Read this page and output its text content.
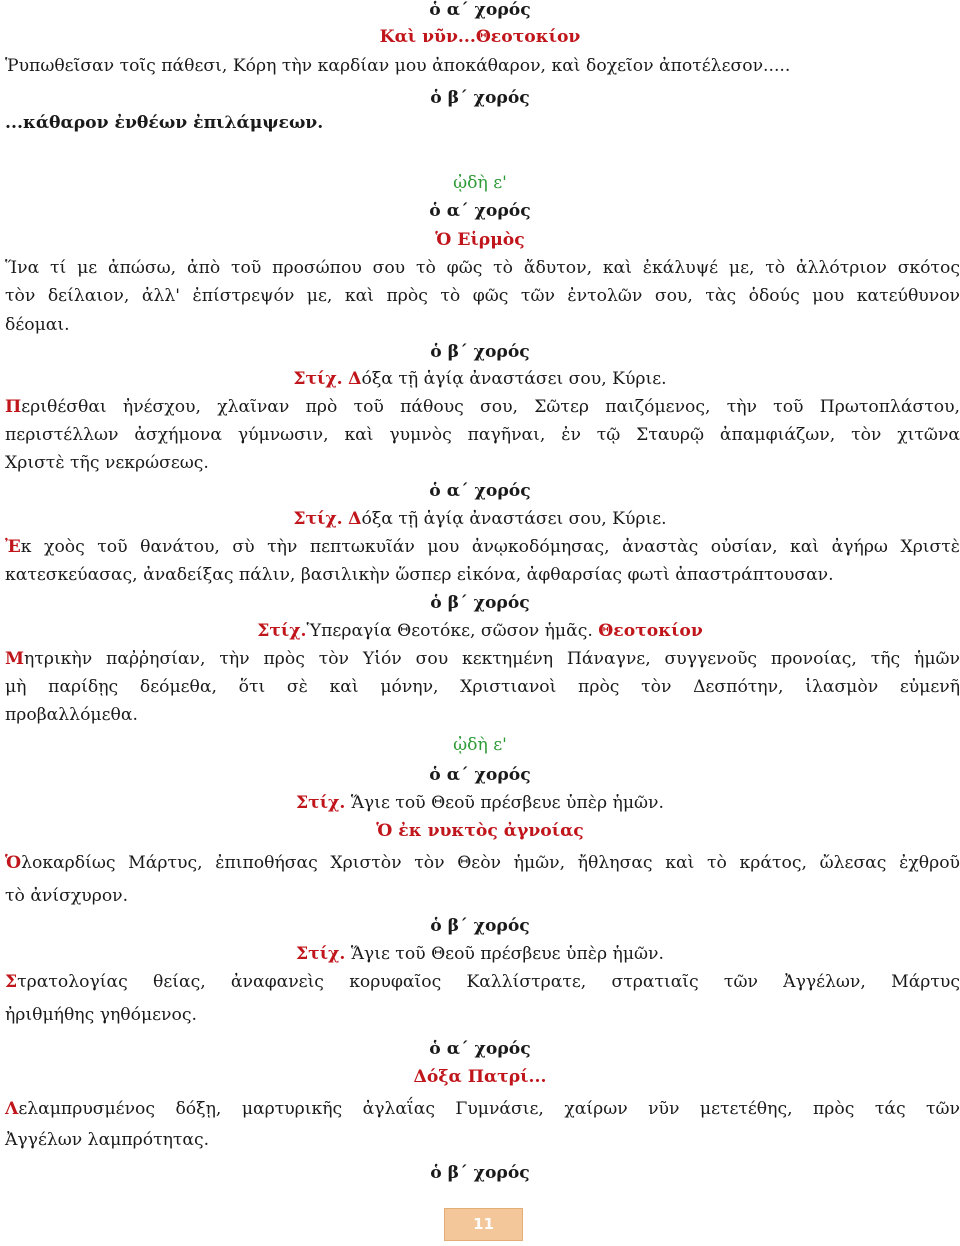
ὁ α΄ χορός
Καὶ νῦν...Θεοτοκίον
Ῥυπωθεῖσαν τοῖς πάθεσι, Κόρη τὴν καρδίαν μου ἀποκάθαρον, καὶ δοχεῖον ἀπoτέλεσον.....
ὁ β΄ χορός
...κάθαρον ἐνθέων ἐπιλάμψεων.
ᾠδὴ ε'
ὁ α΄ χορός
Ὁ Εἱρμὸς
Ἵνα τί με ἀπώσω, ἀπὸ τοῦ προσώπου σου τὸ φῶς τὸ ἄδυτον, καὶ ἐκάλυψέ με, τὸ ἀλλότριον σκότος
τὸν δείλαιον, ἀλλ' ἐπίστρεψόν με, καὶ πρὸς τὸ φῶς τῶν ἐντολῶν σου, τὰς ὁδούς μου κατεύθυνον
δέομαι.
ὁ β΄ χορός
Στίχ. Δόξα τῇ ἁγίᾳ ἀναστάσει σου, Κύριε.
Περιθέσθαι ἠνέσχου, χλαῖναν πρὸ τοῦ πάθους σου, Σῶτερ παιζόμενος, τὴν τοῦ Πρωτοπλάστου,
περιστέλλων ἀσχήμονα γύμνωσιν, καὶ γυμνὸς παγῆναι, ἐν τῷ Σταυρῷ ἀπαμφιάζων, τὸν χιτῶνα
Χριστὲ τῆς νεκρώσεως.
ὁ α΄ χορός
Στίχ. Δόξα τῇ ἁγίᾳ ἀναστάσει σου, Κύριε.
Ἐκ χοὸς τοῦ θανάτου, σὺ τὴν πεπτωκυῖάν μου ἀνῳκοδόμησας, ἀναστὰς οὐσίαν, καὶ ἀγήρω Χριστὲ
κατεσκεύασας, ἀναδείξας πάλιν, βασιλικὴν ὥσπερ εἰκόνα, ἀφθαρσίας φωτὶ ἀπαστράπτουσαν.
ὁ β΄ χορός
Στίχ.Ὑπεραγία Θεοτόκε, σῶσον ἡμᾶς. Θεοτοκίον
Μητρικὴν παῤῥησίαν, τὴν πρὸς τὸν Υἱόν σου κεκτημένη Πάναγνε, συγγενοῦς προνοίας, τῆς ἡμῶν
μὴ παρίδῃς δεόμεθα, ὅτι σὲ καὶ μόνην, Χριστιανοὶ πρὸς τὸν Δεσπότην, ἱλασμὸν εὐμενῆ
προβαλλόμεθα.
ᾠδὴ ε'
ὁ α΄ χορός
Στίχ. Ἅγιε τοῦ Θεοῦ πρέσβευε ὑπὲρ ἡμῶν.
Ὁ ἐκ νυκτὸς ἀγνοίας
Ὁλοκαρδίως Μάρτυς, ἐπιποθήσας Χριστὸν τὸν Θεὸν ἡμῶν, ἤθλησας καὶ τὸ κράτος, ὤλεσας ἐχθροῦ
τὸ ἀνίσχυρον.
ὁ β΄ χορός
Στίχ. Ἅγιε τοῦ Θεοῦ πρέσβευε ὑπὲρ ἡμῶν.
Στρατολογίας θείας, ἀναφανεὶς κορυφαῖος Καλλίστρατε, στρατιαῖς τῶν Ἀγγέλων, Μάρτυς
ἠριθμήθης γηθόμενος.
ὁ α΄ χορός
Δόξα Πατρί...
Λελαμπρυσμένος δόξῃ, μαρτυρικῆς ἀγλαΐας Γυμνάσιε, χαίρων νῦν μετετέθης, πρὸς τάς τῶν
Ἀγγέλων λαμπρότητας.
ὁ β΄ χορός
11
